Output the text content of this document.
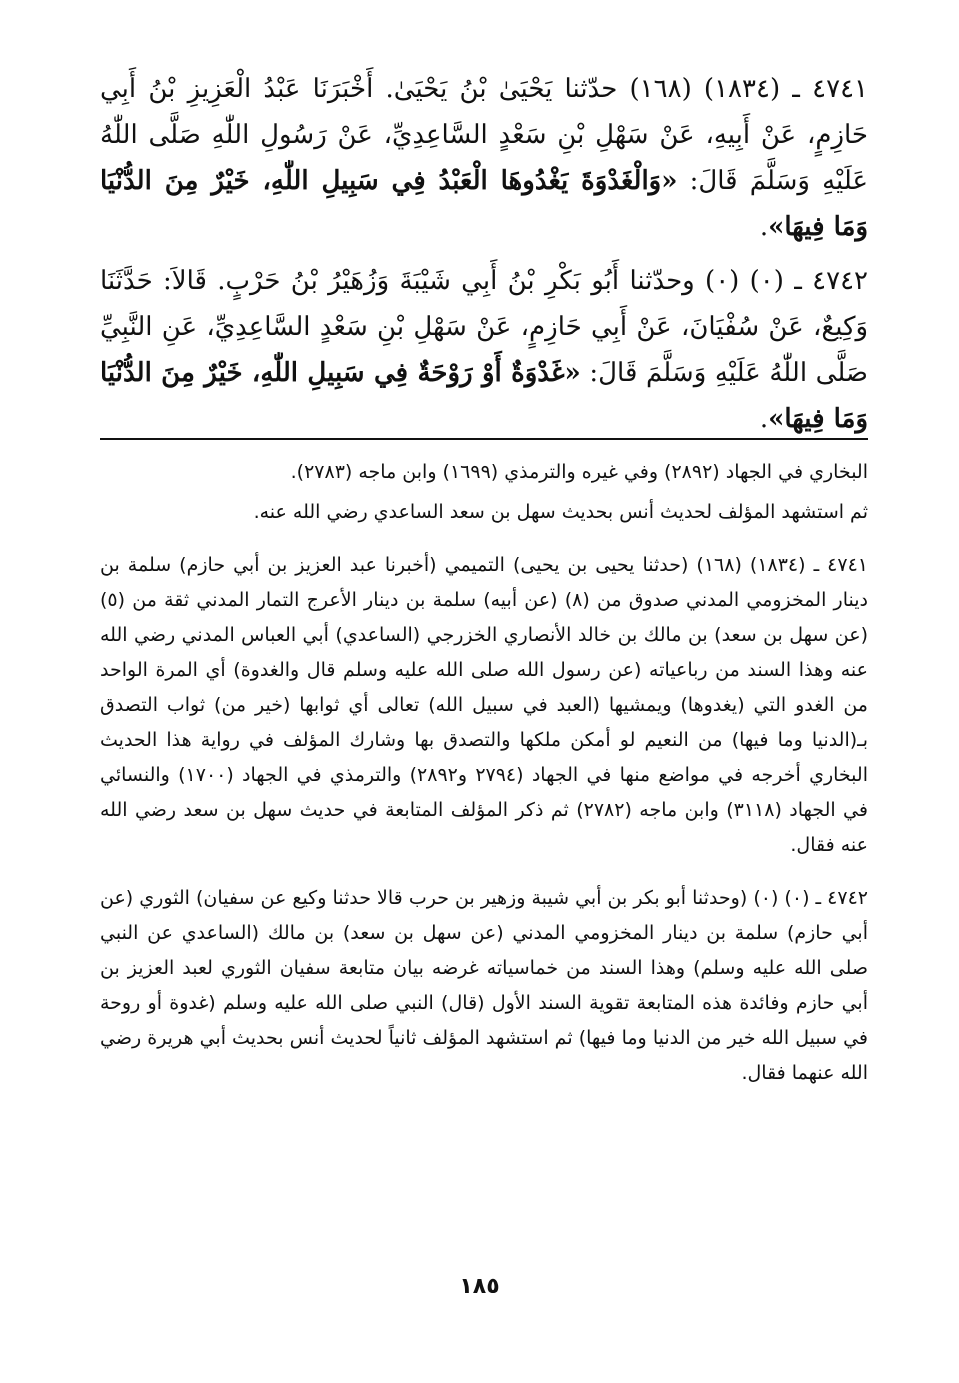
٤٧٤١ ـ (١٨٣٤) (١٦٨) حدّثنا يَحْيَىٰ بْنُ يَحْيَىٰ. أَخْبَرَنَا عَبْدُ الْعَزِيزِ بْنُ أَبِي حَازِمٍ، عَنْ أَبِيهِ، عَنْ سَهْلِ بْنِ سَعْدٍ السَّاعِدِيِّ، عَنْ رَسُولِ اللّٰهِ صَلَّى اللّٰهُ عَلَيْهِ وَسَلَّمَ قَالَ: «وَالْغَدْوَةَ يَغْدُوهَا الْعَبْدُ فِي سَبِيلِ اللّٰهِ، خَيْرٌ مِنَ الدُّنْيَا وَمَا فِيهَا».

٤٧٤٢ ـ (٠) (٠) وحدّثنا أَبُو بَكْرِ بْنُ أَبِي شَيْبَةَ وَزُهَيْرُ بْنُ حَرْبٍ. قَالاَ: حَدَّثَنَا وَكِيعٌ، عَنْ سُفْيَانَ، عَنْ أَبِي حَازِمٍ، عَنْ سَهْلِ بْنِ سَعْدٍ السَّاعِدِيِّ، عَنِ النَّبِيِّ صَلَّى اللّٰهُ عَلَيْهِ وَسَلَّمَ قَالَ: «غَدْوَةٌ أَوْ رَوْحَةٌ فِي سَبِيلِ اللّٰهِ، خَيْرٌ مِنَ الدُّنْيَا وَمَا فِيهَا».

البخاري في الجهاد (٢٨٩٢) وفي غيره والترمذي (١٦٩٩) وابن ماجه (٢٧٨٣).

ثم استشهد المؤلف لحديث أنس بحديث سهل بن سعد الساعدي رضي الله عنه.

٤٧٤١ ـ (١٨٣٤) (١٦٨) (حدثنا يحيى بن يحيى) التميمي (أخبرنا عبد العزيز بن أبي حازم) سلمة بن دينار المخزومي المدني صدوق من (٨) (عن أبيه) سلمة بن دينار الأعرج التمار المدني ثقة من (٥) (عن سهل بن سعد) بن مالك بن خالد الأنصاري الخزرجي (الساعدي) أبي العباس المدني رضي الله عنه وهذا السند من رباعياته (عن رسول الله صلى الله عليه وسلم قال والغدوة) أي المرة الواحد من الغدو التي (يغدوها) ويمشيها (العبد في سبيل الله) تعالى أي ثوابها (خير من) ثواب التصدق بـ(الدنيا وما فيها) من النعيم لو أمكن ملكها والتصدق بها وشارك المؤلف في رواية هذا الحديث البخاري أخرجه في مواضع منها في الجهاد (٢٧٩٤ و٢٨٩٢) والترمذي في الجهاد (١٧٠٠) والنسائي في الجهاد (٣١١٨) وابن ماجه (٢٧٨٢) ثم ذكر المؤلف المتابعة في حديث سهل بن سعد رضي الله عنه فقال.

٤٧٤٢ ـ (٠) (٠) (وحدثنا أبو بكر بن أبي شيبة وزهير بن حرب قالا حدثنا وكيع عن سفيان) الثوري (عن أبي حازم) سلمة بن دينار المخزومي المدني (عن سهل بن سعد) بن مالك (الساعدي عن النبي صلى الله عليه وسلم) وهذا السند من خماسياته غرضه بيان متابعة سفيان الثوري لعبد العزيز بن أبي حازم وفائدة هذه المتابعة تقوية السند الأول (قال) النبي صلى الله عليه وسلم (غدوة أو روحة في سبيل الله خير من الدنيا وما فيها) ثم استشهد المؤلف ثانياً لحديث أنس بحديث أبي هريرة رضي الله عنهما فقال.

١٨٥
